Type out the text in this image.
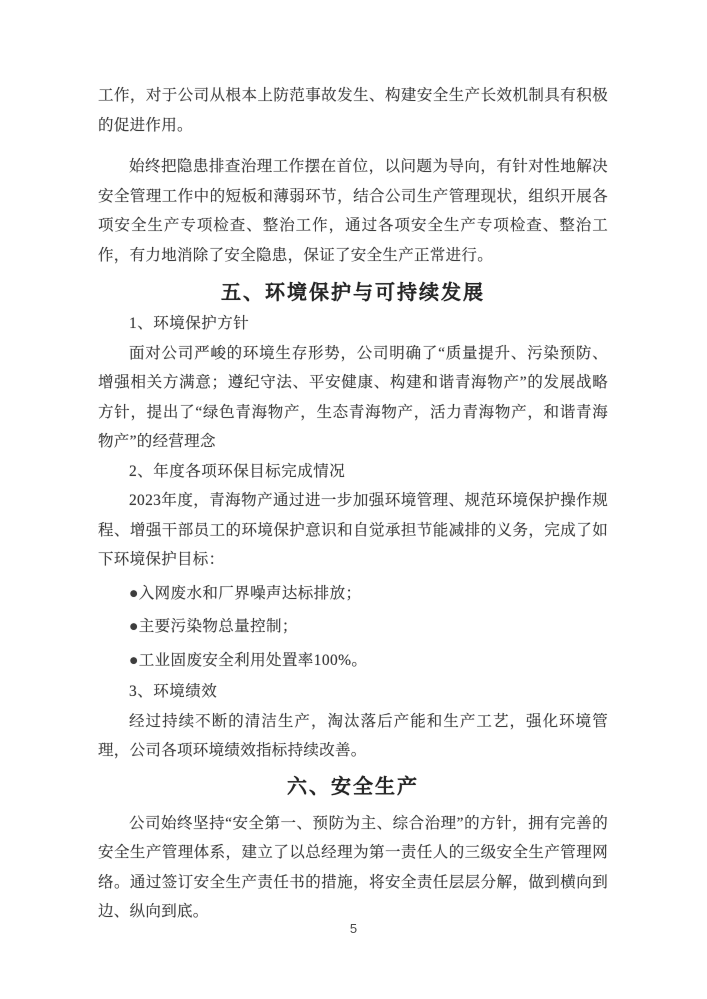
工作，对于公司从根本上防范事故发生、构建安全生产长效机制具有积极的促进作用。

始终把隐患排查治理工作摆在首位，以问题为导向，有针对性地解决安全管理工作中的短板和薄弱环节，结合公司生产管理现状，组织开展各项安全生产专项检查、整治工作，通过各项安全生产专项检查、整治工作，有力地消除了安全隐患，保证了安全生产正常进行。

五、环境保护与可持续发展

1、环境保护方针

面对公司严峻的环境生存形势，公司明确了“质量提升、污染预防、增强相关方满意；遵纪守法、平安健康、构建和谐青海物产”的发展战略方针，提出了“绿色青海物产，生态青海物产，活力青海物产，和谐青海物产”的经营理念

2、年度各项环保目标完成情况

2023年度，青海物产通过进一步加强环境管理、规范环境保护操作规程、增强干部员工的环境保护意识和自觉承担节能减排的义务，完成了如下环境保护目标：

●入网废水和厂界噪声达标排放；
●主要污染物总量控制；
●工业固废安全利用处置率100%。

3、环境绩效

经过持续不断的清洁生产，淘汰落后产能和生产工艺，强化环境管理，公司各项环境绩效指标持续改善。

六、安全生产

公司始终坚持“安全第一、预防为主、综合治理”的方针，拥有完善的安全生产管理体系，建立了以总经理为第一责任人的三级安全生产管理网络。通过签订安全生产责任书的措施，将安全责任层层分解，做到横向到边、纵向到底。

5
